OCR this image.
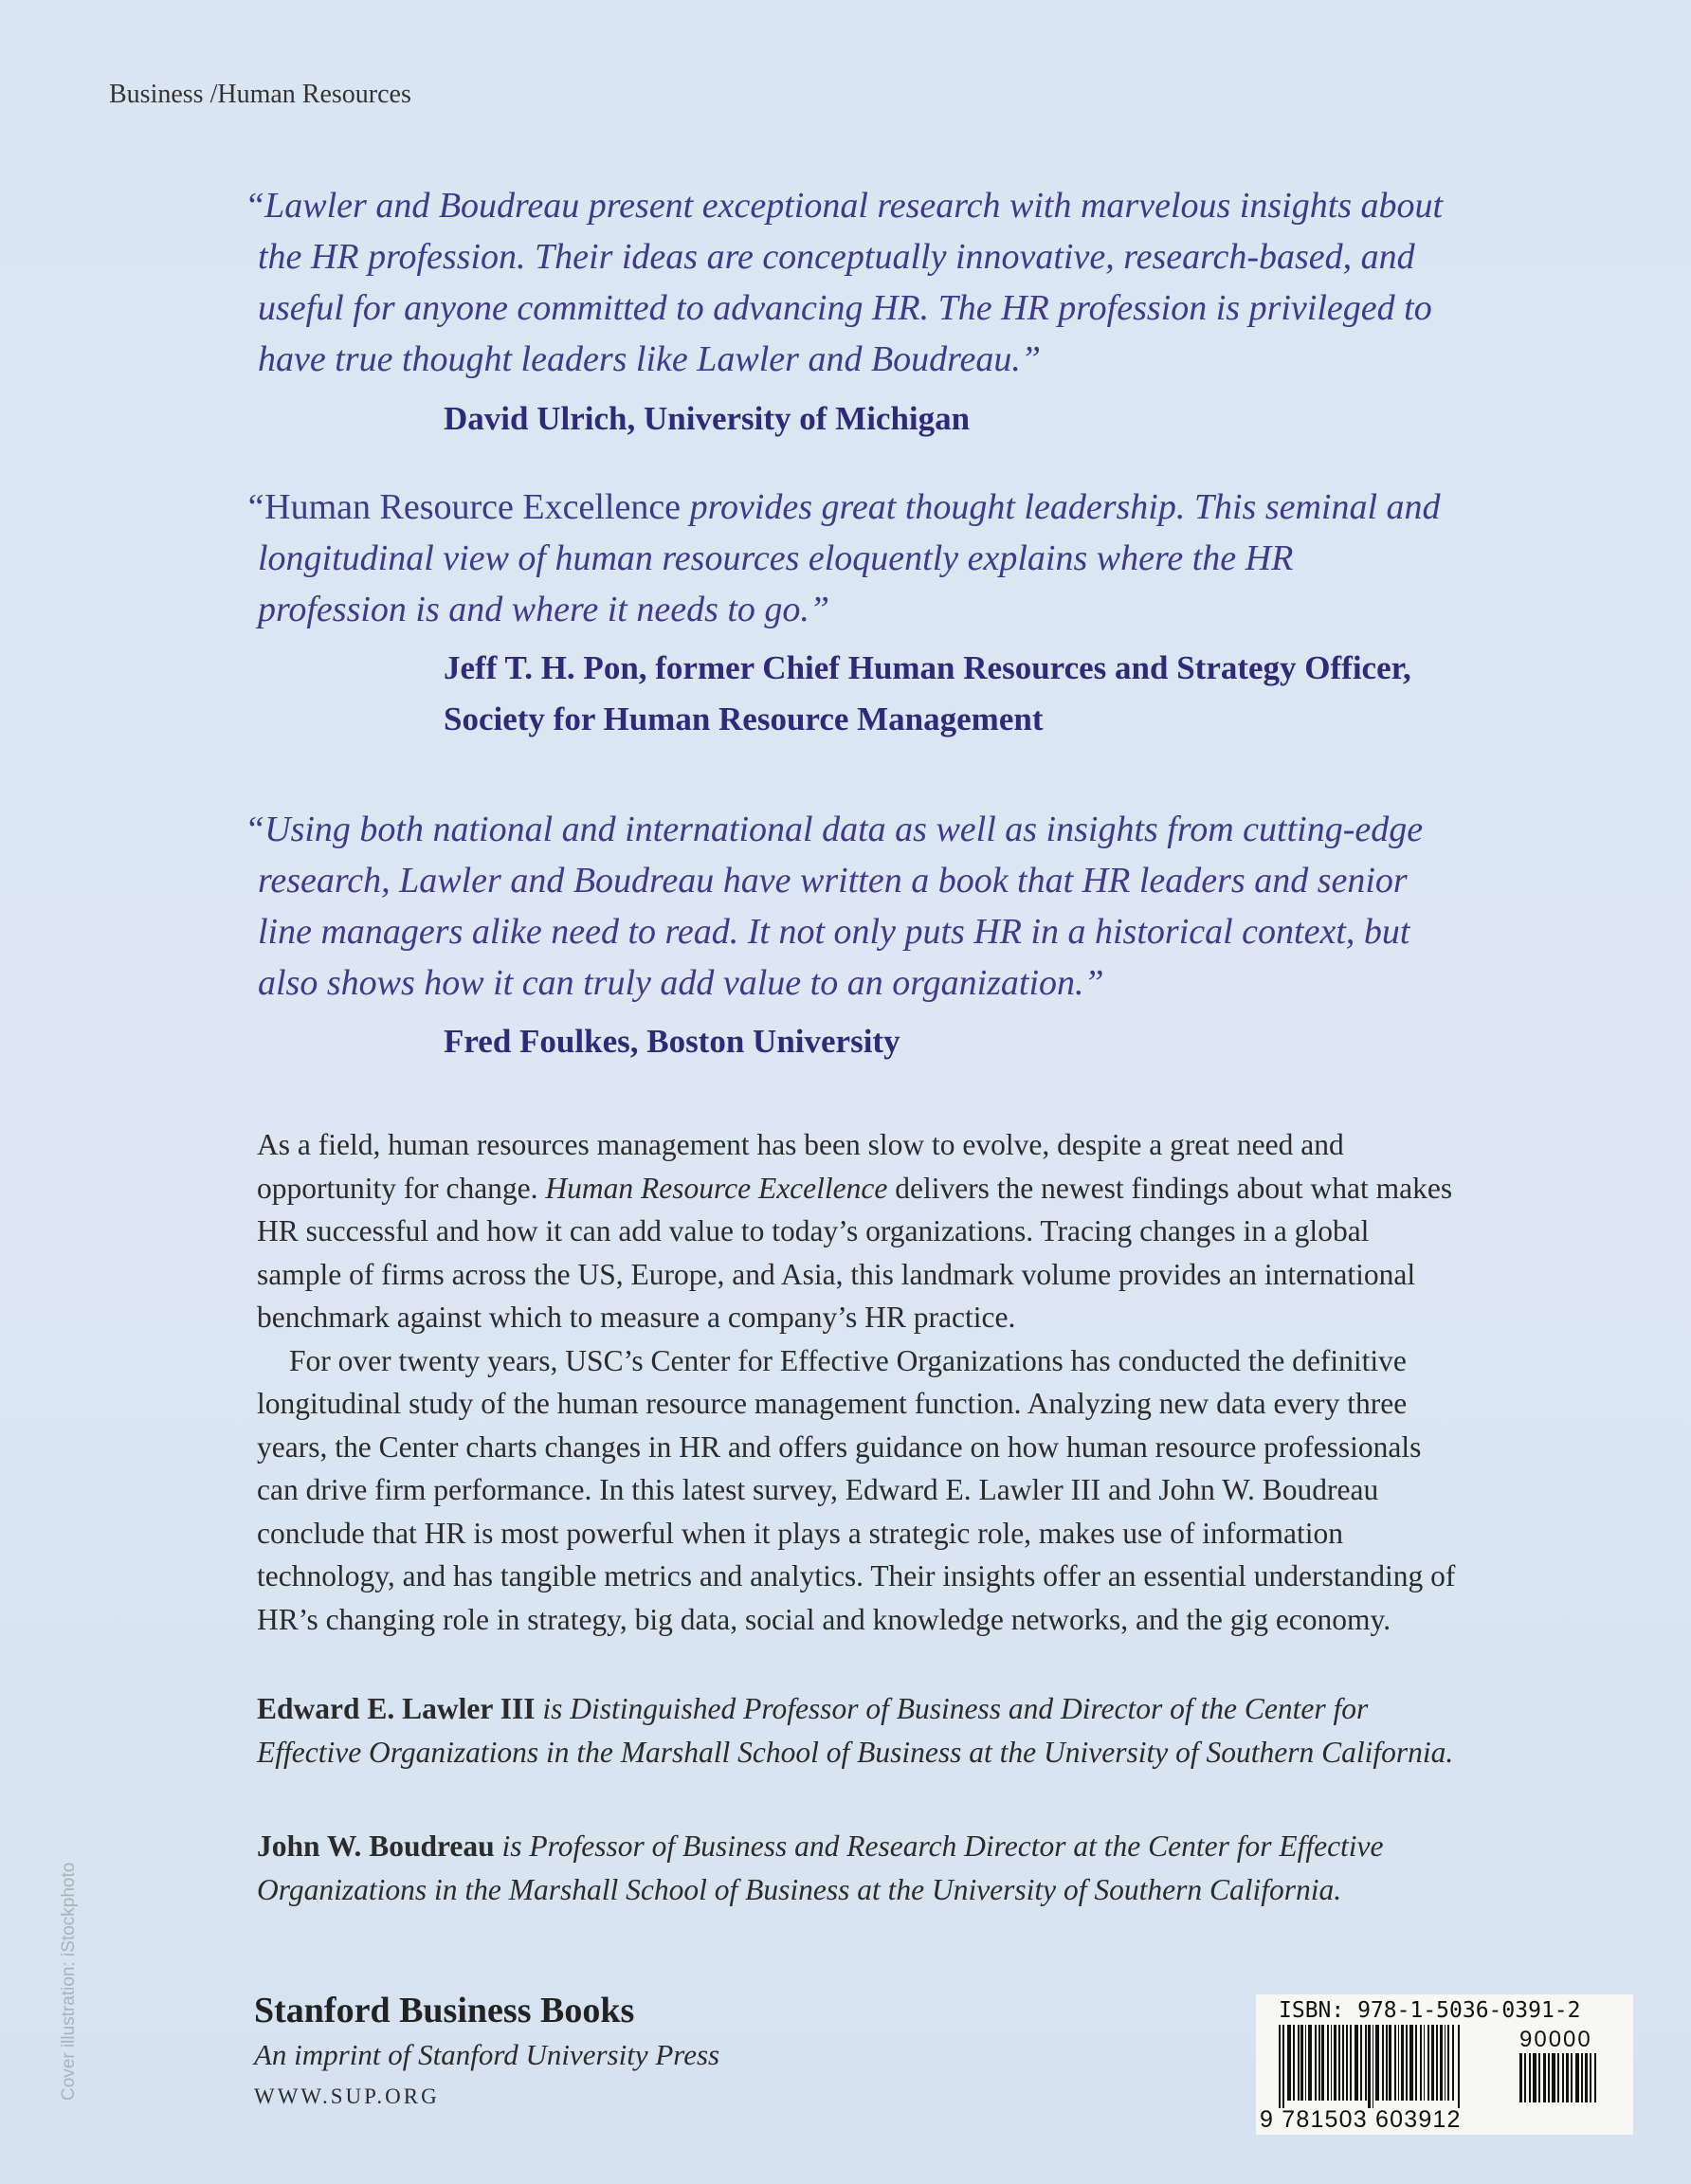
Business /Human Resources

“Lawler and Boudreau present exceptional research with marvelous insights about the HR profession. Their ideas are conceptually innovative, research-based, and useful for anyone committed to advancing HR. The HR profession is privileged to have true thought leaders like Lawler and Boudreau.”

David Ulrich, University of Michigan

“Human Resource Excellence provides great thought leadership. This seminal and longitudinal view of human resources eloquently explains where the HR profession is and where it needs to go.”

Jeff T. H. Pon, former Chief Human Resources and Strategy Officer, Society for Human Resource Management

“Using both national and international data as well as insights from cutting-edge research, Lawler and Boudreau have written a book that HR leaders and senior line managers alike need to read. It not only puts HR in a historical context, but also shows how it can truly add value to an organization.”

Fred Foulkes, Boston University

As a field, human resources management has been slow to evolve, despite a great need and opportunity for change. Human Resource Excellence delivers the newest findings about what makes HR successful and how it can add value to today’s organizations. Tracing changes in a global sample of firms across the US, Europe, and Asia, this landmark volume provides an international benchmark against which to measure a company’s HR practice.

For over twenty years, USC’s Center for Effective Organizations has conducted the definitive longitudinal study of the human resource management function. Analyzing new data every three years, the Center charts changes in HR and offers guidance on how human resource professionals can drive firm performance. In this latest survey, Edward E. Lawler III and John W. Boudreau conclude that HR is most powerful when it plays a strategic role, makes use of information technology, and has tangible metrics and analytics. Their insights offer an essential understanding of HR’s changing role in strategy, big data, social and knowledge networks, and the gig economy.

Edward E. Lawler III is Distinguished Professor of Business and Director of the Center for Effective Organizations in the Marshall School of Business at the University of Southern California.

John W. Boudreau is Professor of Business and Research Director at the Center for Effective Organizations in the Marshall School of Business at the University of Southern California.

Stanford Business Books
An imprint of Stanford University Press
WWW.SUP.ORG
Cover illustration: iStockphoto	ISBN: 978-1-5036-0391-2
90000
9 781503 603912
